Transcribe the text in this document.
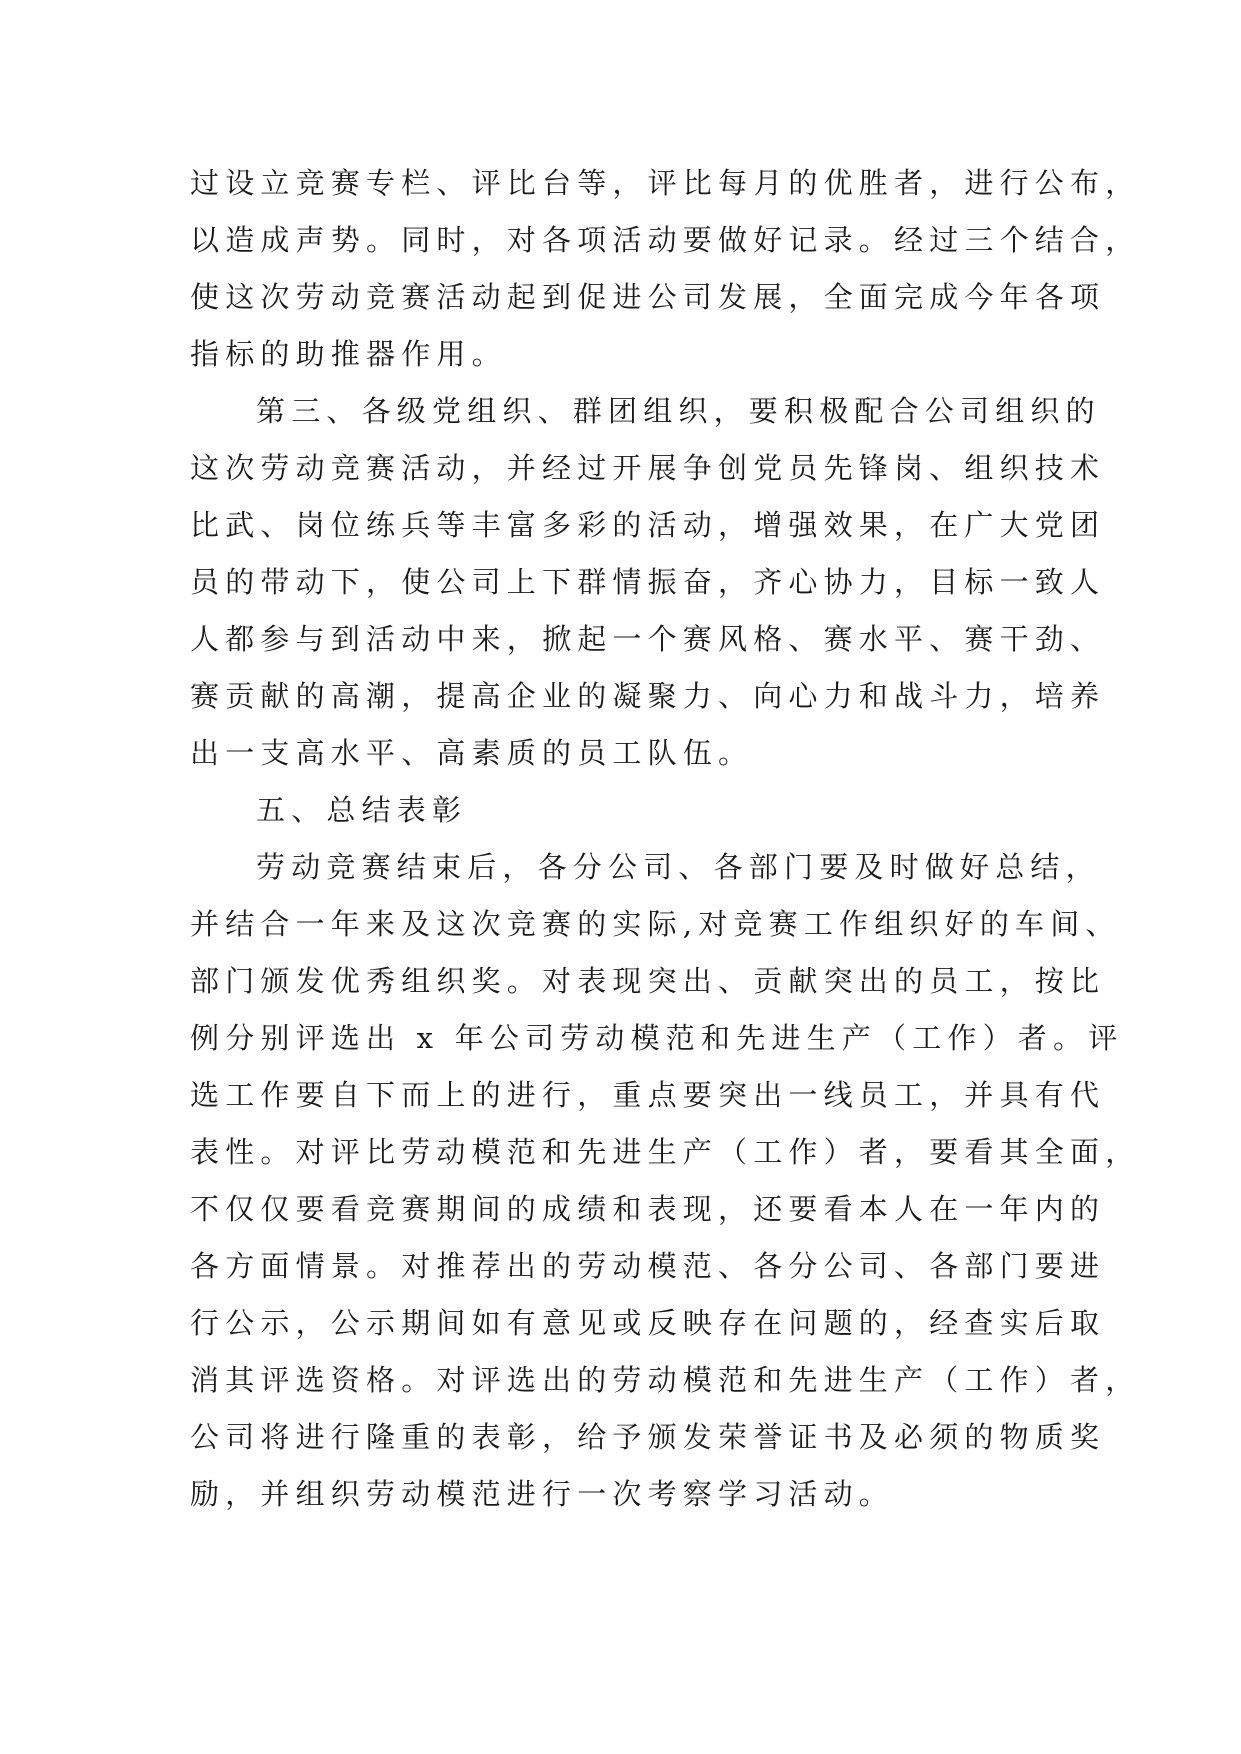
过设立竞赛专栏、评比台等，评比每月的优胜者，进行公布，
以造成声势。同时，对各项活动要做好记录。经过三个结合，
使这次劳动竞赛活动起到促进公司发展，全面完成今年各项
指标的助推器作用。
第三、各级党组织、群团组织，要积极配合公司组织的
这次劳动竞赛活动，并经过开展争创党员先锋岗、组织技术
比武、岗位练兵等丰富多彩的活动，增强效果，在广大党团
员的带动下，使公司上下群情振奋，齐心协力，目标一致人
人都参与到活动中来，掀起一个赛风格、赛水平、赛干劲、
赛贡献的高潮，提高企业的凝聚力、向心力和战斗力，培养
出一支高水平、高素质的员工队伍。
五、总结表彰
劳动竞赛结束后，各分公司、各部门要及时做好总结，
并结合一年来及这次竞赛的实际,对竞赛工作组织好的车间、
部门颁发优秀组织奖。对表现突出、贡献突出的员工，按比
例分别评选出 x 年公司劳动模范和先进生产（工作）者。评
选工作要自下而上的进行，重点要突出一线员工，并具有代
表性。对评比劳动模范和先进生产（工作）者，要看其全面，
不仅仅要看竞赛期间的成绩和表现，还要看本人在一年内的
各方面情景。对推荐出的劳动模范、各分公司、各部门要进
行公示，公示期间如有意见或反映存在问题的，经查实后取
消其评选资格。对评选出的劳动模范和先进生产（工作）者，
公司将进行隆重的表彰，给予颁发荣誉证书及必须的物质奖
励，并组织劳动模范进行一次考察学习活动。
